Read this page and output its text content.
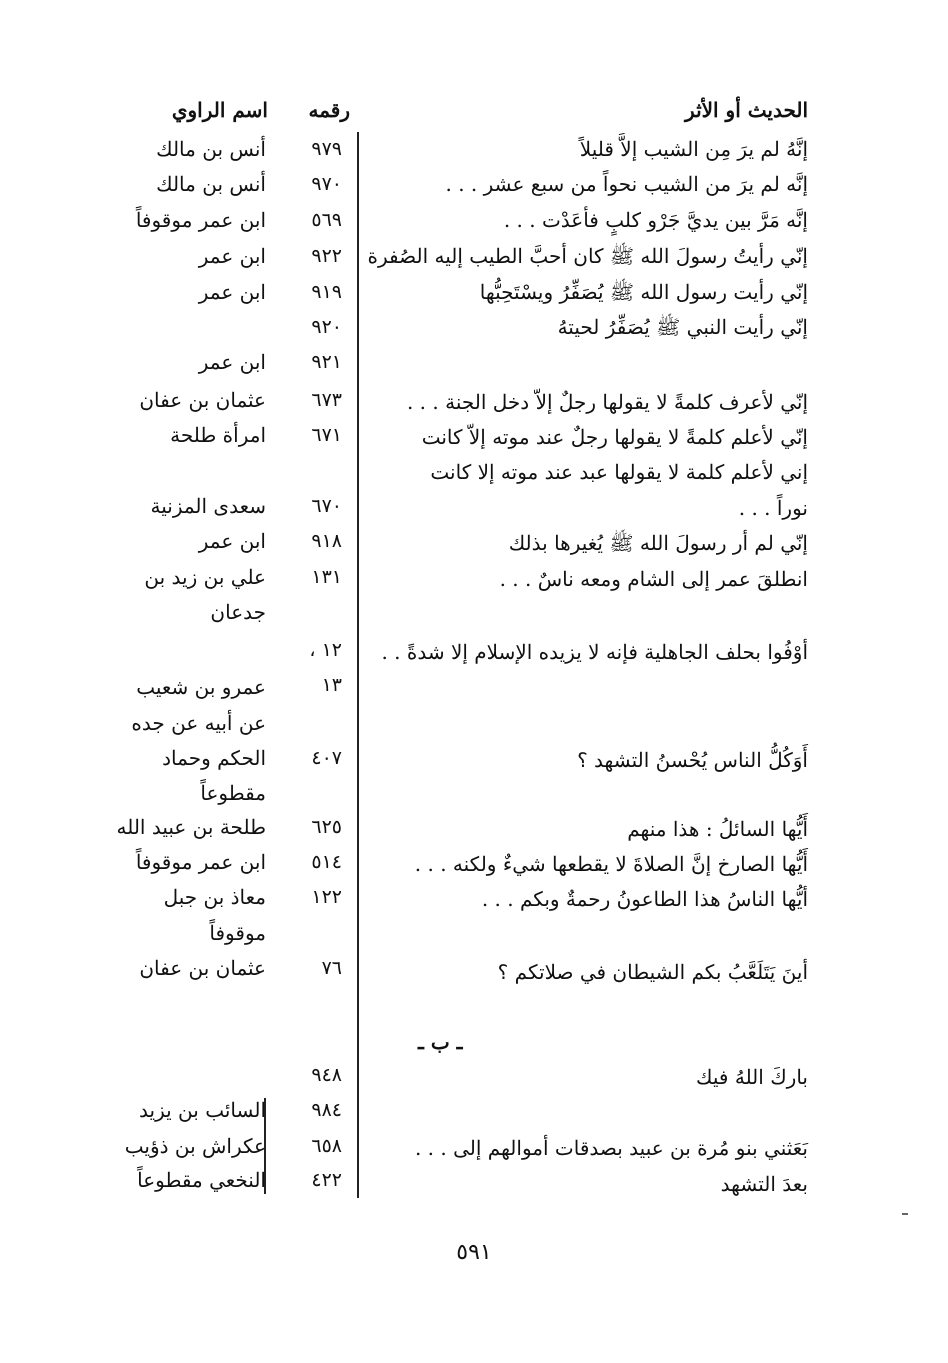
الحديث أو الأثر
رقمه
اسم الراوي
إنَّهُ لم يرَ مِن الشيب إلاَّ قليلاً
٩٧٩
أنس بن مالك
إنَّه لم يرَ من الشيب نحواً من سبع عشر . . .
٩٧٠
أنس بن مالك
إنَّه مَرَّ بين يديَّ جَرْو كلبٍ فأعَدْت . . .
٥٦٩
ابن عمر موقوفاً
إنّي رأيتُ رسولَ الله ﷺ كان أحبَّ الطيب إليه الصُفرة
٩٢٢
ابن عمر
إنّي رأيت رسول الله ﷺ يُصَفِّرُ ويسْتَحِبُّها
٩١٩
ابن عمر
إنّي رأيت النبي ﷺ يُصَفِّرُ لحيتهُ
٩٢٠
٩٢١
ابن عمر
إنّي لأعرف كلمةً لا يقولها رجلٌ إلاّ دخل الجنة . . .
٦٧٣
عثمان بن عفان
إنّي لأعلم كلمةً لا يقولها رجلٌ عند موته إلاّ كانت
٦٧١
امرأة طلحة
إني لأعلم كلمة لا يقولها عبد عند موته إلا كانت
نوراً . . .
٦٧٠
سعدى المزنية
إنّي لم أر رسولَ الله ﷺ يُغيرها بذلك
٩١٨
ابن عمر
انطلقَ عمر إلى الشام ومعه ناسٌ . . .
١٣١
علي بن زيد بن
جدعان
أوْفُوا بحلف الجاهلية فإنه لا يزيده الإسلام إلا شدةً . .
١٢ ،
١٣
عمرو بن شعيب
عن أبيه عن جده
أَوَكُلُّ الناس يُحْسنُ التشهد ؟
٤٠٧
الحكم وحماد
مقطوعاً
أَيُّها السائلُ : هذا منهم
٦٢٥
طلحة بن عبيد الله
أَيُّها الصارخ إنَّ الصلاةَ لا يقطعها شيءٌ ولكنه . . .
٥١٤
ابن عمر موقوفاً
أيُّها الناسُ هذا الطاعونُ رحمةٌ وبكم . . .
١٢٢
معاذ بن جبل
موقوفاً
أينَ يَتَلَعَّبُ بكم الشيطان في صلاتكم ؟
٧٦
عثمان بن عفان
باركَ اللهُ فيك
٩٤٨
٩٨٤
السائب بن يزيد
بَعَثني بنو مُرة بن عبيد بصدقات أموالهم إلى . . .
٦٥٨
عكراش بن ذؤيب
بعدَ التشهد
٤٢٢
النخعي مقطوعاً
ـ ب ـ
٥٩١
